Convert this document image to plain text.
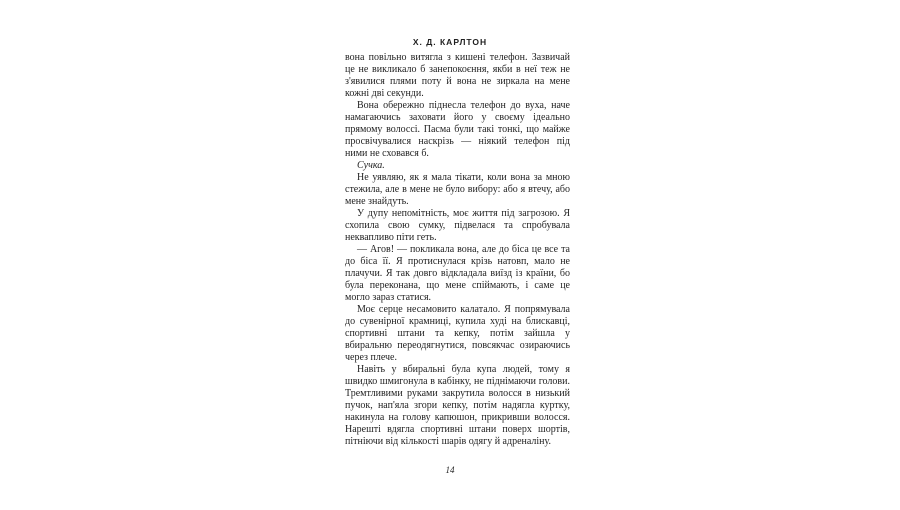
Х. Д. КАРЛТОН

вона повільно витягла з кишені телефон. Зазвичай це не викликало б занепокоєння, якби в неї теж не з'явилися плями поту й вона не зиркала на мене кожні дві секунди.

Вона обережно піднесла телефон до вуха, наче намагаючись заховати його у своєму ідеально прямому волоссі. Пасма були такі тонкі, що майже просвічувалися наскрізь — ніякий телефон під ними не сховався б.

Сучка.

Не уявляю, як я мала тікати, коли вона за мною стежила, але в мене не було вибору: або я втечу, або мене знайдуть.

У дупу непомітність, моє життя під загрозою. Я схопила свою сумку, підвелася та спробувала неквапливо піти геть.

— Агов! — покликала вона, але до біса це все та до біса її. Я протиснулася крізь натовп, мало не плачучи. Я так довго відкладала виїзд із країни, бо була переконана, що мене спіймають, і саме це могло зараз статися.

Моє серце несамовито калатало. Я попрямувала до сувенірної крамниці, купила худі на блискавці, спортивні штани та кепку, потім зайшла у вбиральню переодягнутися, повсякчас озираючись через плече.

Навіть у вбиральні була купа людей, тому я швидко шмигонула в кабінку, не піднімаючи голови. Тремтливими руками закрутила волосся в низький пучок, нап'яла згори кепку, потім надягла куртку, накинула на голову капюшон, прикривши волосся. Нарешті вдягла спортивні штани поверх шортів, пітніючи від кількості шарів одягу й адреналіну.

14
